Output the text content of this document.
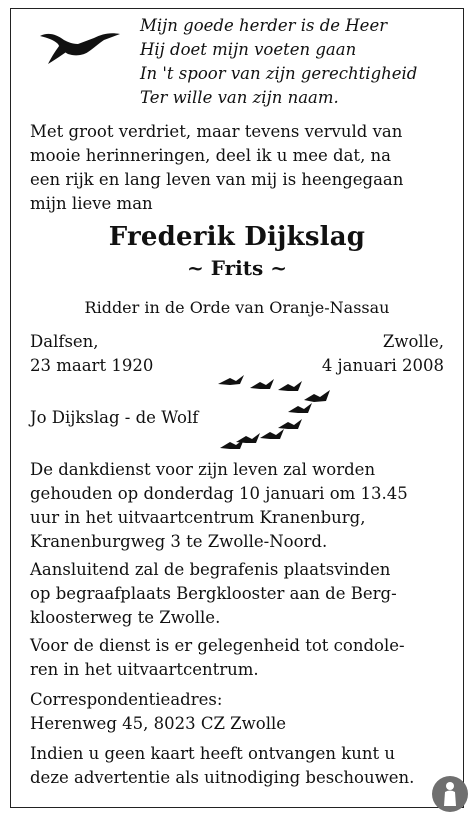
Mijn goede herder is de Heer
Hij doet mijn voeten gaan
In 't spoor van zijn gerechtigheid
Ter wille van zijn naam.
Met groot verdriet, maar tevens vervuld van
mooie herinneringen, deel ik u mee dat, na
een rijk en lang leven van mij is heengegaan
mijn lieve man
Frederik Dijkslag
~ Frits ~
Ridder in de Orde van Oranje-Nassau
Dalfsen,
23 maart 1920
Zwolle,
4 januari 2008
Jo Dijkslag - de Wolf
De dankdienst voor zijn leven zal worden
gehouden op donderdag 10 januari om 13.45
uur in het uitvaartcentrum Kranenburg,
Kranenburgweg 3 te Zwolle-Noord.
Aansluitend zal de begrafenis plaatsvinden
op begraafplaats Bergklooster aan de Berg-
kloosterweg te Zwolle.
Voor de dienst is er gelegenheid tot condole-
ren in het uitvaartcentrum.
Correspondentieadres:
Herenweg 45, 8023 CZ Zwolle
Indien u geen kaart heeft ontvangen kunt u
deze advertentie als uitnodiging beschouwen.
